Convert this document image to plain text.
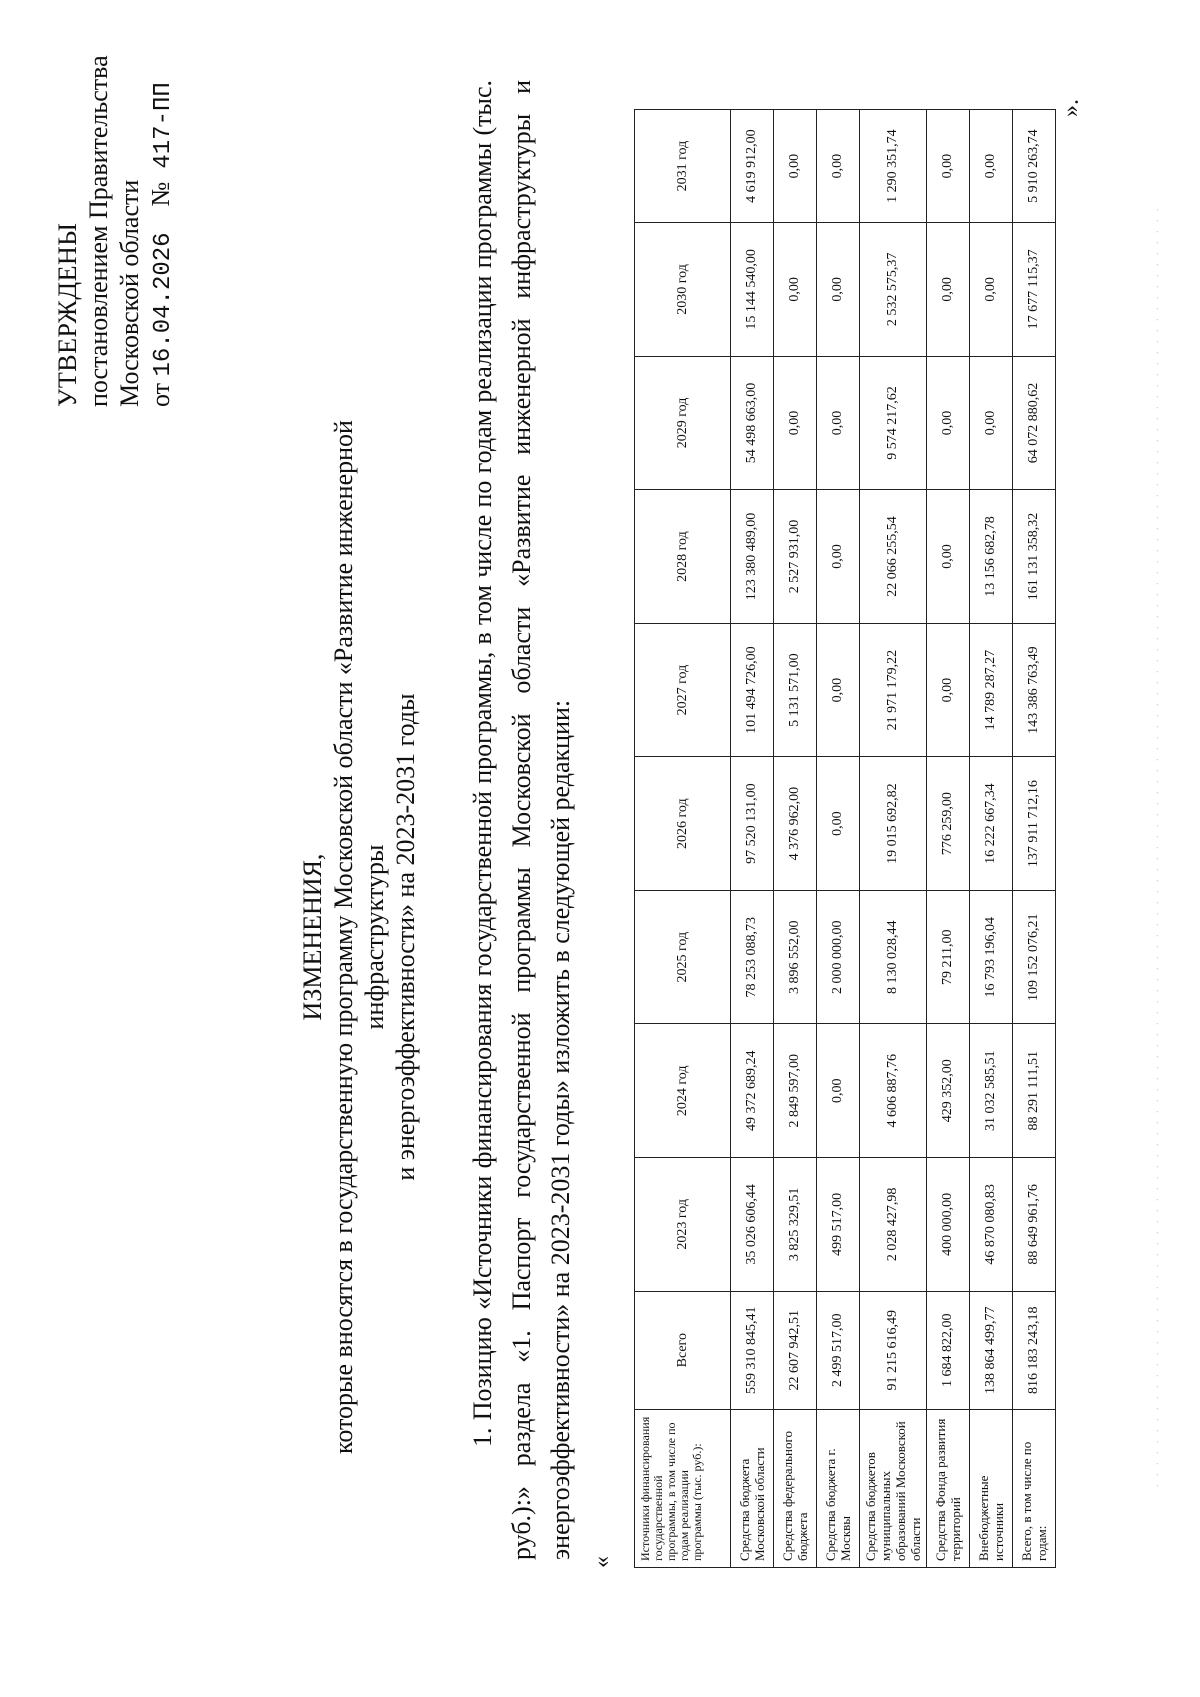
УТВЕРЖДЕНЫ постановлением Правительства Московской области от 16.04.2026    №  417-ПП
ИЗМЕНЕНИЯ, которые вносятся в государственную программу Московской области «Развитие инженерной инфраструктуры и энергоэффективности» на 2023-2031 годы 1. Позицию «Источники финансирования государственной программы, в том числе по годам реализации программы (тыс. руб.):» раздела «1. Паспорт государственной программы Московской области «Развитие инженерной инфраструктуры и энергоэффективности» на 2023-2031 годы» изложить в следующей редакции:
«
Источники финансирования государственной программы, в том числе по годам реализации программы (тыс. руб.):	Всего	2023 год	2024 год	2025 год	2026 год	2027 год	2028 год	2029 год	2030 год	2031 год
Средства бюджета Московской области	559 310 845,41	35 026 606,44	49 372 689,24	78 253 088,73	97 520 131,00	101 494 726,00	123 380 489,00	54 498 663,00	15 144 540,00	4 619 912,00
Средства федерального бюджета	22 607 942,51	3 825 329,51	2 849 597,00	3 896 552,00	4 376 962,00	5 131 571,00	2 527 931,00	0,00	0,00	0,00
Средства бюджета г. Москвы	2 499 517,00	499 517,00	0,00	2 000 000,00	0,00	0,00	0,00	0,00	0,00	0,00
Средства бюджетов муниципальных образований Московской области	91 215 616,49	2 028 427,98	4 606 887,76	8 130 028,44	19 015 692,82	21 971 179,22	22 066 255,54	9 574 217,62	2 532 575,37	1 290 351,74
Средства Фонда развития территорий	1 684 822,00	400 000,00	429 352,00	79 211,00	776 259,00	0,00	0,00	0,00	0,00	0,00
Внебюджетные источники	138 864 499,77	46 870 080,83	31 032 585,51	16 793 196,04	16 222 667,34	14 789 287,27	13 156 682,78	0,00	0,00	0,00
Всего, в том числе по годам:	816 183 243,18	88 649 961,76	88 291 111,51	109 152 076,21	137 911 712,16	143 386 763,49	161 131 358,32	64 072 880,62	17 677 115,37	5 910 263,74
».
. . . . . . . . . . . . . . . . . . . . . . . . . . . . . . . . . . . . . . . . . . . . . . . . . . . . . . . . . . . . . . . . . . . . . . . . . . . . . . . . . . . . . . . . . . . . . . . . . . . . . . . . . . . . . . . . . . . . .
